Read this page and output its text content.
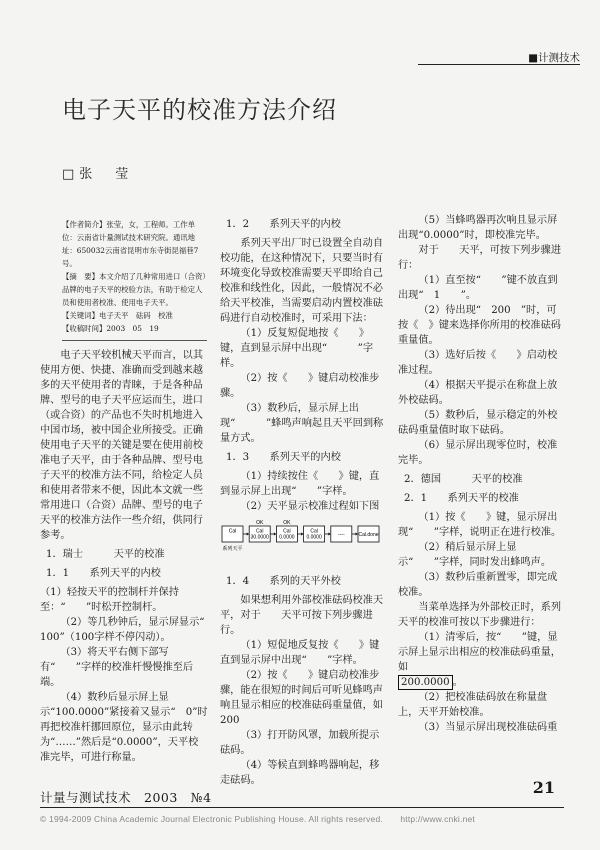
■计测技术
电子天平的校准方法介绍
□张　莹

【作者简介】张莹，女，工程师。工作单位：云南省计量测试技术研究院。通讯地址：650032云南省昆明市东寺街昆福巷7号。

【摘　要】本文介绍了几种常用进口（合资）品牌的电子天平的校验方法，有助于检定人员和使用者校准、使用电子天平。

【关键词】电子天平　砝码　校准

【收稿时间】2003　05　19

电子天平较机械天平而言，以其使用方便、快捷、准确而受到越来越多的天平使用者的青睐，于是各种品牌、型号的电子天平应运而生，进口（或合资）的产品也不失时机地进入中国市场，被中国企业所接受。正确使用电子天平的关键是要在使用前校准电子天平，由于各种品牌、型号电子天平的校准方法不同，给检定人员和使用者带来不便，因此本文就一些常用进口（合资）品牌、型号的电子天平的校准方法作一些介绍，供同行参考。

1．瑞士　　　天平的校准

1．1　　系列天平的内校

（1）轻按天平的控制杆并保持至：“　　”时松开控制杆。

（2）等几秒钟后，显示屏显示“　100”（100字样不停闪动）。

（3）将天平右侧下部写有“　　”字样的校准杆慢慢推至后端。

（4）数秒后显示屏上显示“100.0000”紧接着又显示“　0”时再把校准杆挪回原位，显示由此转为“……”然后是“0.0000”，天平校准完毕，可进行称量。

1．2　　系列天平的内校

系列天平出厂时已设置全自动自校功能，在这种情况下，只要当时有环境变化导致校准需要天平即给自己校准和线性化，因此，一般情况不必给天平校准，当需要启动内置校准砝码进行自动校准时，可采用下法：

（1）反复短促地按《　　》键，直到显示屏中出现“　　　”字样。

（2）按《　　》键启动校准步骤。

（3）数秒后，显示屏上出现“　　　”蜂鸣声响起且天平回到称量方式。

1．3　　系列天平的内校

（1）持续按住《　　》键，直到显示屏上出现“　　”字样。

（2）天平显示校准过程如下图

Cal	Cal
30.0000
Cal
0.0000
Cal
0.0000	----	Cal.done
OK	OK
系列天平

1．4　　系列的天平外校

如果想利用外部校准砝码校准天平，对于　　天平可按下列步骤进行。

（1）短促地反复按《　　》键直到显示屏中出现“　　”字样。

（2）按《　　》键启动校准步骤，能在很短的时间后可听见蜂鸣声响且显示相应的校准砝码重量值，如200

（3）打开防风罩，加载所提示砝码。

（4）等候直到蜂鸣器响起，移走砝码。

（5）当蜂鸣器再次响且显示屏出现“0.0000”时，即校准完毕。

对于　　天平，可按下列步骤进行：

（1）直至按“　　”键不放直到出现“　1　　”。

（2）待出现“　200　”时，可按《　》键来选择你所用的校准砝码重量值。

（3）选好后按《　　》启动校准过程。

（4）根据天平提示在称盘上放外校砝码。

（5）数秒后，显示稳定的外校砝码重量值时取下砝码。

（6）显示屏出现零位时，校准完毕。

2．德国　　　天平的校准

2．1　　系列天平的校准

（1）按《　　》键，显示屏出现“　　”字样，说明正在进行校准。

（2）稍后显示屏上显示“　　”字样，同时发出蜂鸣声。

（3）数秒后重新置零，即完成校准。

当菜单选择为外部校正时，系列天平的校准可按以下步骤进行：

（1）清零后，按“　　”键，显示屏上显示出相应的校准砝码重量，如

200.0000 。

（2）把校准砝码放在称量盘上，天平开始校准。

（3）当显示屏出现校准砝码重

计量与测试技术　2003　№4
21
© 1994-2009 China Academic Journal Electronic Publishing House. All rights reserved.　　http://www.cnki.net
